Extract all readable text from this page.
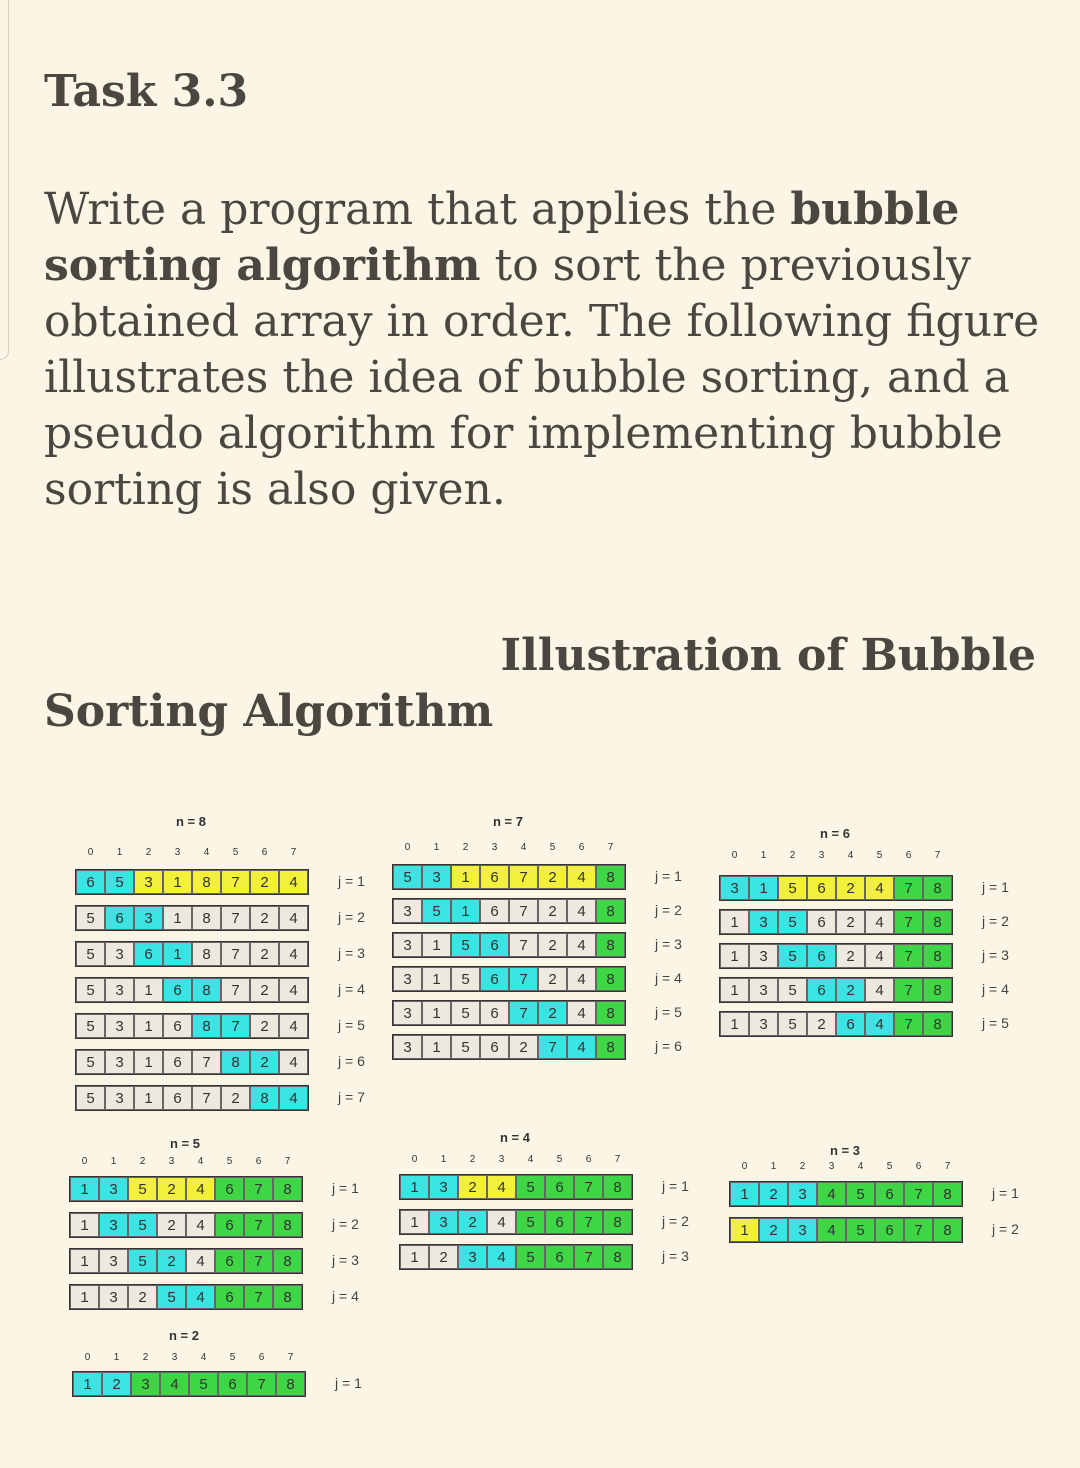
Task 3.3

Write a program that applies the bubble sorting algorithm to sort the previously obtained array in order. The following figure illustrates the idea of bubble sorting, and a pseudo algorithm for implementing bubble sorting is also given.

Illustration of Bubble
Sorting Algorithm
n = 8
0	1	2	3	4	5	6	7
6	5	3	1	8	7	2	4	j = 1
5	6	3	1	8	7	2	4	j = 2
5	3	6	1	8	7	2	4	j = 3
5	3	1	6	8	7	2	4	j = 4
5	3	1	6	8	7	2	4	j = 5
5	3	1	6	7	8	2	4	j = 6
5	3	1	6	7	2	8	4	j = 7
n = 7
0	1	2	3	4	5	6	7
5	3	1	6	7	2	4	8	j = 1
3	5	1	6	7	2	4	8	j = 2
3	1	5	6	7	2	4	8	j = 3
3	1	5	6	7	2	4	8	j = 4
3	1	5	6	7	2	4	8	j = 5
3	1	5	6	2	7	4	8	j = 6
n = 6
0	1	2	3	4	5	6	7
3	1	5	6	2	4	7	8	j = 1
1	3	5	6	2	4	7	8	j = 2
1	3	5	6	2	4	7	8	j = 3
1	3	5	6	2	4	7	8	j = 4
1	3	5	2	6	4	7	8	j = 5
n = 5
0	1	2	3	4	5	6	7
1	3	5	2	4	6	7	8	j = 1
1	3	5	2	4	6	7	8	j = 2
1	3	5	2	4	6	7	8	j = 3
1	3	2	5	4	6	7	8	j = 4
n = 4
0	1	2	3	4	5	6	7
1	3	2	4	5	6	7	8	j = 1
1	3	2	4	5	6	7	8	j = 2
1	2	3	4	5	6	7	8	j = 3
n = 3
0	1	2	3	4	5	6	7
1	2	3	4	5	6	7	8	j = 1
1	2	3	4	5	6	7	8	j = 2
n = 2
0	1	2	3	4	5	6	7
1	2	3	4	5	6	7	8	j = 1
